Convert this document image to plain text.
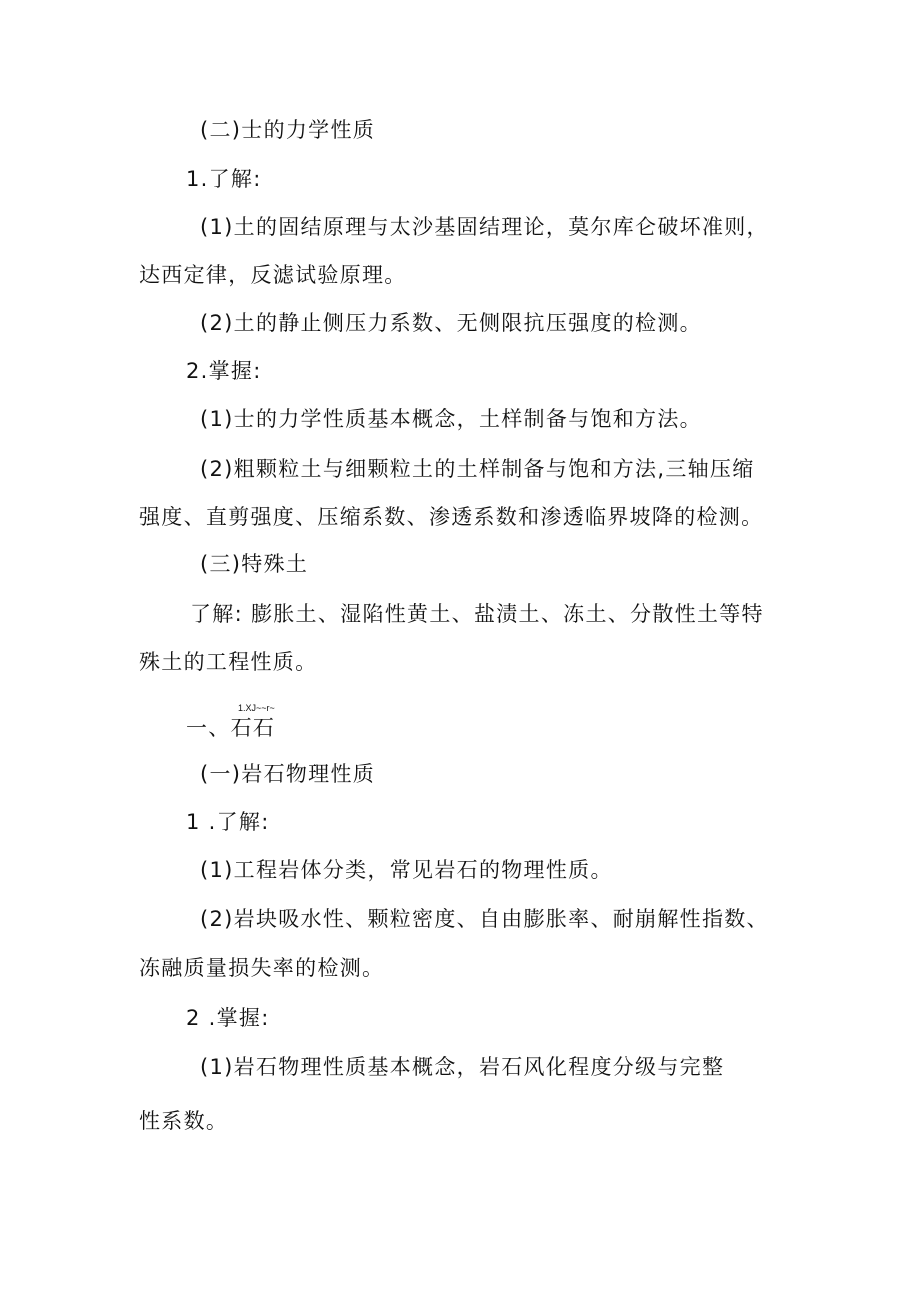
(二)士的力学性质
1.了解:
(1)土的固结原理与太沙基固结理论，莫尔库仑破坏准则，
达西定律，反滤试验原理。
(2)土的静止侧压力系数、无侧限抗压强度的检测。
2.掌握:
(1)士的力学性质基本概念，土样制备与饱和方法。
(2)粗颗粒土与细颗粒土的土样制备与饱和方法,三轴压缩
强度、直剪强度、压缩系数、渗透系数和渗透临界坡降的检测。
(三)特殊土
了解: 膨胀土、湿陷性黄土、盐渍土、冻土、分散性土等特
殊土的工程性质。
1.XJ~~r~
一、石石
(一)岩石物理性质
1 .了解:
(1)工程岩体分类，常见岩石的物理性质。
(2)岩块吸水性、颗粒密度、自由膨胀率、耐崩解性指数、
冻融质量损失率的检测。
2 .掌握:
(1)岩石物理性质基本概念，岩石风化程度分级与完整
性系数。
